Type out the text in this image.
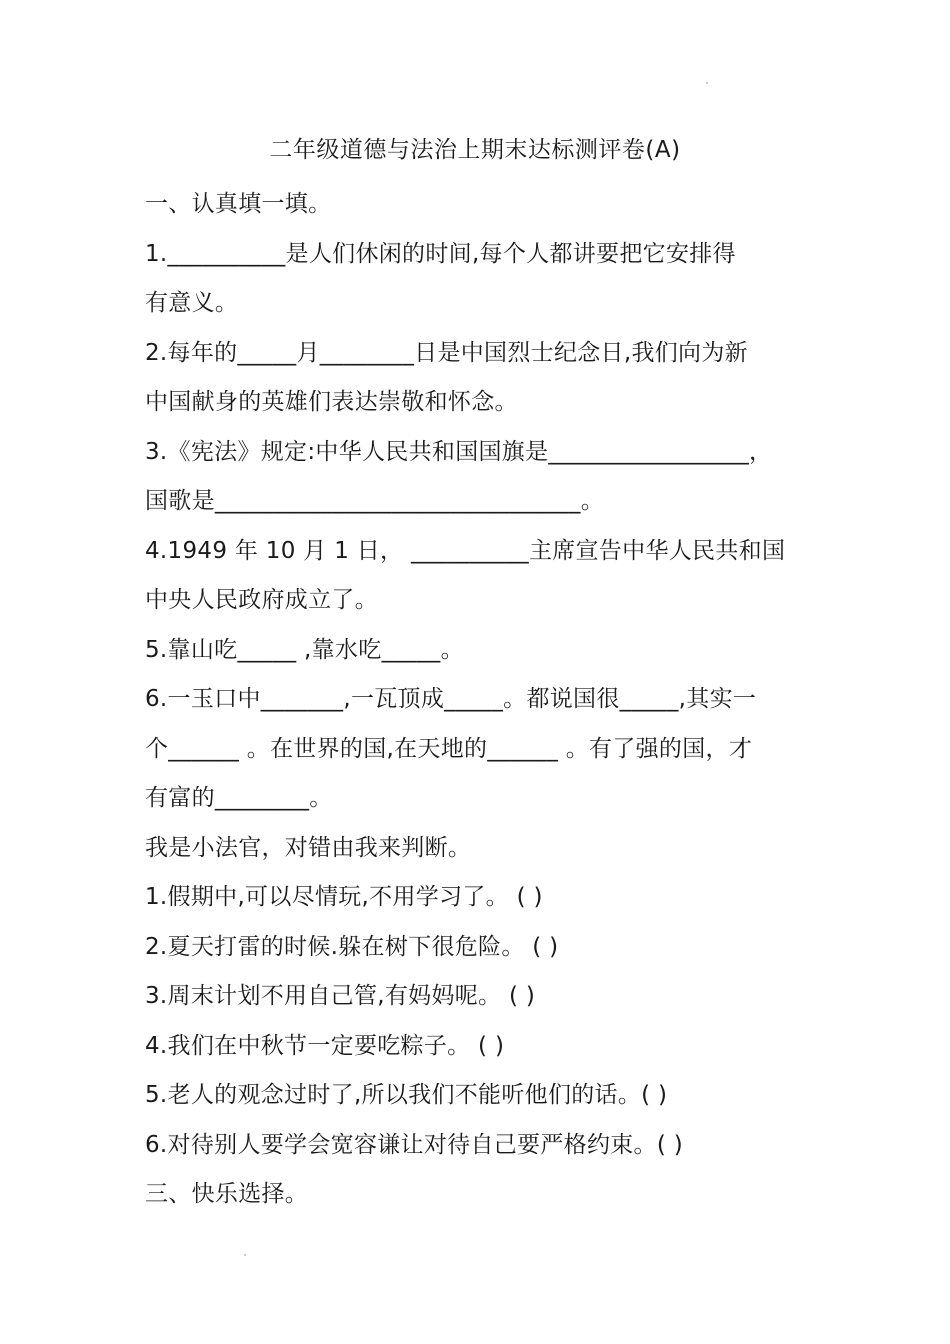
二年级道德与法治上期末达标测评卷(A)
一、认真填一填。
1.__________是人们休闲的时间,每个人都讲要把它安排得
有意义。
2.每年的_____月________日是中国烈士纪念日,我们向为新
中国献身的英雄们表达崇敬和怀念。
3.《宪法》规定:中华人民共和国国旗是_________________，
国歌是_______________________________。
4.1949 年 10 月 1 日， __________主席宣告中华人民共和国
中央人民政府成立了。
5.靠山吃_____ ,靠水吃_____。
6.一玉口中_______,一瓦顶成_____。都说国很_____,其实一
个______ 。在世界的国,在天地的______ 。有了强的国，才
有富的________。
我是小法官，对错由我来判断。
1.假期中,可以尽情玩,不用学习了。 ( )
2.夏天打雷的时候.躲在树下很危险。 ( )
3.周末计划不用自己管,有妈妈呢。 ( )
4.我们在中秋节一定要吃粽子。 ( )
5.老人的观念过时了,所以我们不能听他们的话。( )
6.对待别人要学会宽容谦让对待自己要严格约束。( )
三、快乐选择。
